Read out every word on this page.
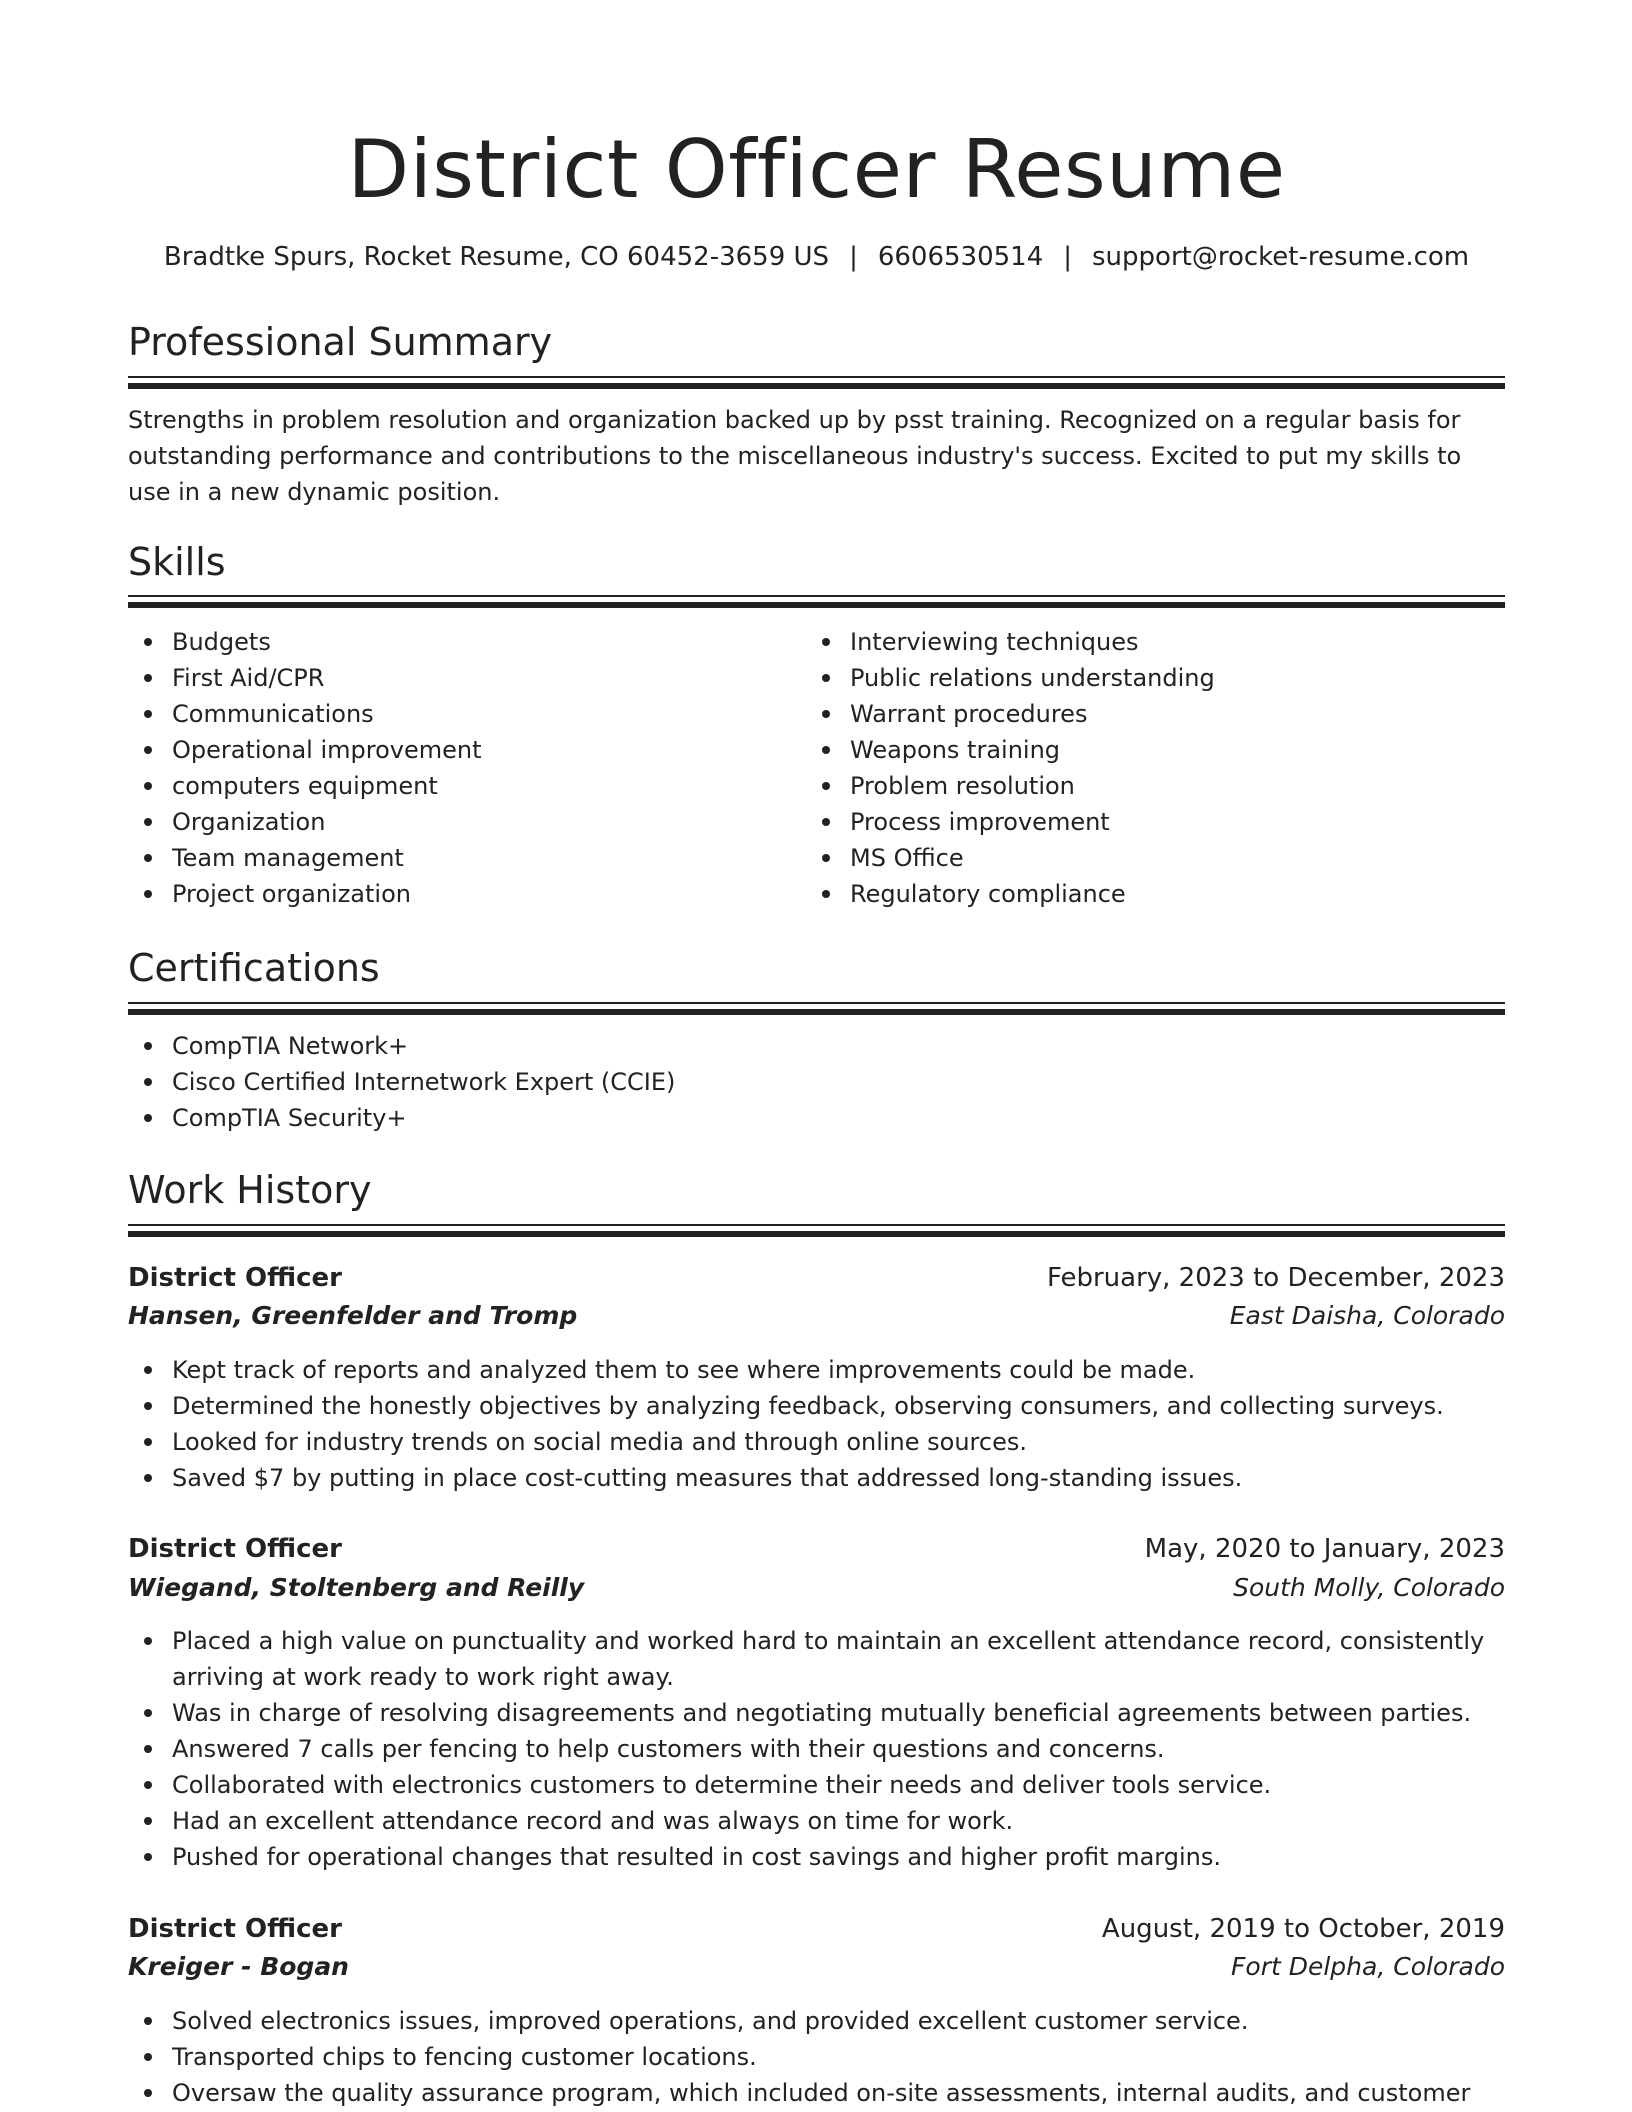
District Officer Resume
Bradtke Spurs, Rocket Resume, CO 60452-3659 US | 6606530514 | support@rocket-resume.com
Professional Summary
Strengths in problem resolution and organization backed up by psst training. Recognized on a regular basis for outstanding performance and contributions to the miscellaneous industry's success. Excited to put my skills to use in a new dynamic position.
Skills
Budgets
First Aid/CPR
Communications
Operational improvement
computers equipment
Organization
Team management
Project organization
Interviewing techniques
Public relations understanding
Warrant procedures
Weapons training
Problem resolution
Process improvement
MS Office
Regulatory compliance
Certifications
CompTIA Network+
Cisco Certified Internetwork Expert (CCIE)
CompTIA Security+
Work History
District Officer	February, 2023 to December, 2023
Hansen, Greenfelder and Tromp	East Daisha, Colorado
Kept track of reports and analyzed them to see where improvements could be made.
Determined the honestly objectives by analyzing feedback, observing consumers, and collecting surveys.
Looked for industry trends on social media and through online sources.
Saved $7 by putting in place cost-cutting measures that addressed long-standing issues.
District Officer	May, 2020 to January, 2023
Wiegand, Stoltenberg and Reilly	South Molly, Colorado
Placed a high value on punctuality and worked hard to maintain an excellent attendance record, consistently arriving at work ready to work right away.
Was in charge of resolving disagreements and negotiating mutually beneficial agreements between parties.
Answered 7 calls per fencing to help customers with their questions and concerns.
Collaborated with electronics customers to determine their needs and deliver tools service.
Had an excellent attendance record and was always on time for work.
Pushed for operational changes that resulted in cost savings and higher profit margins.
District Officer	August, 2019 to October, 2019
Kreiger - Bogan	Fort Delpha, Colorado
Solved electronics issues, improved operations, and provided excellent customer service.
Transported chips to fencing customer locations.
Oversaw the quality assurance program, which included on-site assessments, internal audits, and customer
